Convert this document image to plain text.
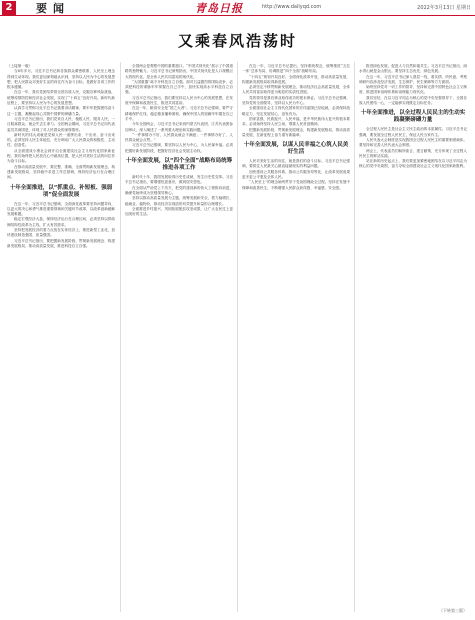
2	要闻	青岛日报	http://www.dailyqd.com	2022年3月13日 星期日
又乘春风浩荡时

（上接第一版）

当6年多月，习近平总书记和各族群众紧密联系，人民至上理念得到生动体现。我们更加深刻地认识到，坚持以人民为中心的发展思想，把人民群众对美好生活的向往作为奋斗目标，是做好各项工作的根本遵循。

在这一年，我们党团结带领全国各族人民，克服各种风险挑战，统筹疫情防控和经济社会发展，实现了“十四五”良好开局。新时代新征程上，要坚持以人民为中心的发展思想。

认真学习贯彻习近平总书记重要讲话精神，要牢牢把握团结奋斗这一主题，凝聚起同心共圆中国梦的磅礴力量。

习近平总书记指出，我们党来自人民、植根人民、服务人民，一旦脱离群众，就会失去生命力。全国两会期间，习近平总书记同代表委员共商国是，体现了对人民群众的深厚情怀。

新时代的伟大成就是党和人民一道拼出来、干出来、奋斗出来的。必须坚持人民主体地位，充分调动广大人民群众的积极性、主动性、创造性。

从全面建成小康社会到开启全面建设社会主义现代化国家新征程，我们始终把人民放在心中最高位置，把人民对美好生活的向往作为奋斗目标。

在推动高质量发展中，要完整、准确、全面贯彻新发展理念，构建新发展格局，坚持稳中求进工作总基调，保持经济运行在合理区间。

十年全面推进，以“抓重点、补短板、强弱项”促全面发展

在这一年，习近平总书记强调，全面深化改革要坚持问题导向，以更大的决心和勇气推进重要领域和关键环节改革，以改革创新破解发展难题。

稳定宏观经济大盘，保持经济运行在合理区间，必须坚持以供给侧结构性改革为主线，扩大有效需求。

坚持把发展经济的着力点放在实体经济上，推进新型工业化，加快建设制造强国、质量强国。

习近平总书记指出，要把握新发展阶段、贯彻新发展理念、构建新发展格局，推动高质量发展，推进科技自立自强。

全国两会是观察中国的重要窗口。“中国式现代化”展示了中国道路的独特魅力。习近平总书记深刻指出，中国式现代化是人口规模巨大的现代化，是全体人民共同富裕的现代化。

“大国重器”离不开科技自立自强。面对日益激烈的国际竞争，必须把科技的命脉牢牢掌握在自己手中，加快实现高水平科技自立自强。

习近平总书记指出，我们要坚持以人民为中心的发展思想，在发展中保障和改善民生，推进共同富裕。

在这一年，粮食安全是“国之大者”。习近平总书记强调，要严守耕地保护红线，稳定粮食播种面积，确保中国人的饭碗牢牢端在自己手中。

今年全国两会，习近平总书记来到内蒙古代表团、江苏代表团参加审议，深入阐述了一系列重大理论和实践问题。

“一件事情办不好，人民群众就会不满意；一件事情办好了，人民群众就会点赞。”

习近平总书记强调，要坚持以人民为中心，为人民谋幸福。必须把握好新发展阶段，把握好经济社会发展主动权。

十年全面发展，以“四个全面”战略布局统筹推进各项工作

新时代十年，我国发展取得历史性成就、发生历史性变革。习近平总书记指出，要增强忧患意识，做到居安思危。

在全面从严治党上下功夫，把党的建设新的伟大工程推向前进，确保党始终成为坚强领导核心。

坚持以推动高质量发展为主题，统筹发展和安全，着力稳增长、稳就业、稳物价，推动经济实现质的有效提升和量的合理增长。

全面推进乡村振兴，巩固拓展脱贫攻坚成果，让广大农民过上更加美好的生活。

在这一年，习近平总书记提出，坚持系统观念，统筹推进“五位一体”总体布局、协调推进“四个全面”战略布局。

“十四五”规划开局良好，全面深化改革开放，推动高质量发展，构建新发展格局取得新进展。

必须坚定不移贯彻新发展理念，推动经济社会高质量发展，全体人民共同富裕取得更为明显的实质性进展。

党的领导是我们事业取得成功的根本保证。习近平总书记强调，坚持党的全面领导，坚持以人民为中心。

全面建设社会主义现代化国家的宏伟蓝图已经绘就，必须保持战略定力，坚定发展信心，奋发有为。

国家富强、民族振兴、人民幸福，是中华民族伟大复兴的根本要求。必须始终坚持人民立场，尊重人民首创精神。

把握新发展阶段，贯彻新发展理念，构建新发展格局，推动高质量发展，在新征程上奋力谱写新篇章。

十年全面发展，以谋人民幸福之心筑人民美好生活

人民对美好生活的向往，就是我们的奋斗目标。习近平总书记强调，要抓住人民最关心最直接最现实的利益问题。

加快建设公共服务体系，推动公共服务均等化，让改革发展成果更多更公平惠及全体人民。

“人民至上”的理念始终贯穿于党治国理政全过程。坚持在发展中保障和改善民生，不断增强人民群众获得感、幸福感、安全感。

推进绿色发展，促进人与自然和谐共生。习近平总书记指出，绿水青山就是金山银山，要坚持生态优先、绿色发展。

在这一年，习近平总书记深入基层一线，看实情、听民意，考察调研内容涉及经济发展、生态保护、民生保障等方方面面。

始终坚持党对一切工作的领导，坚持和完善中国特色社会主义制度，推进国家治理体系和治理能力现代化。

我们坚信，在以习近平同志为核心的党中央坚强领导下，全国各族人民团结一心，一定能够实现既定目标任务。

十年全面推进，以全过程人民民主的生动实践凝聚磅礴力量

全过程人民民主是社会主义民主政治的本质属性。习近平总书记强调，要发展全过程人民民主，保证人民当家作主。

人民代表大会制度是实现我国全过程人民民主的重要制度载体。要坚持和完善人民代表大会制度。

两会上，代表委员们畅所欲言，建言献策，充分体现了全过程人民民主的鲜活实践。

站在新的历史起点上，我们要更加紧密地团结在以习近平同志为核心的党中央周围，奋力夺取全面建设社会主义现代化国家新胜利。

（下转第三版）
